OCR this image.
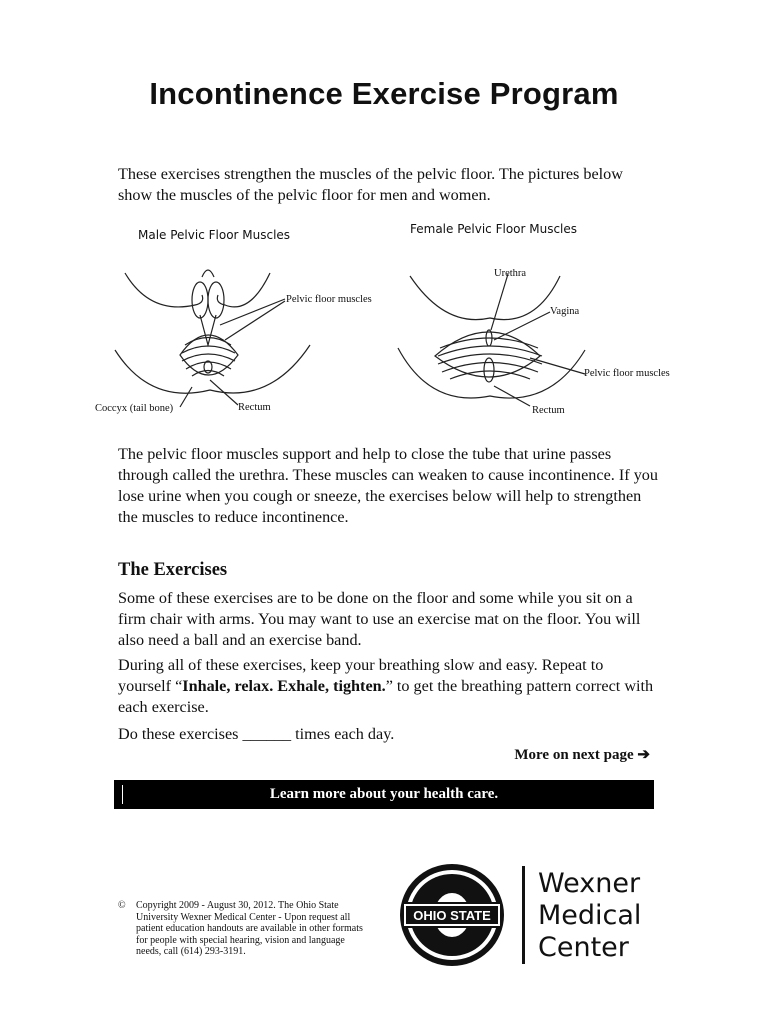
Incontinence Exercise Program

These exercises strengthen the muscles of the pelvic floor. The pictures below show the muscles of the pelvic floor for men and women.

Male Pelvic Floor Muscles
Pelvic floor muscles
Coccyx (tail bone)	Rectum
Female Pelvic Floor Muscles
Urethra
Vagina
Pelvic floor muscles
Rectum

The pelvic floor muscles support and help to close the tube that urine passes through called the urethra. These muscles can weaken to cause incontinence. If you lose urine when you cough or sneeze, the exercises below will help to strengthen the muscles to reduce incontinence.

The Exercises

Some of these exercises are to be done on the floor and some while you sit on a firm chair with arms. You may want to use an exercise mat on the floor. You will also need a ball and an exercise band.

During all of these exercises, keep your breathing slow and easy. Repeat to yourself “Inhale, relax. Exhale, tighten.” to get the breathing pattern correct with each exercise.

Do these exercises ______ times each day.

More on next page ➔
Learn more about your health care.
©	Copyright 2009 - August 30, 2012. The Ohio State University Wexner Medical Center - Upon request all patient education handouts are available in other formats for people with special hearing, vision and language needs, call (614) 293-3191.
OHIO STATE
Wexner
Medical
Center
